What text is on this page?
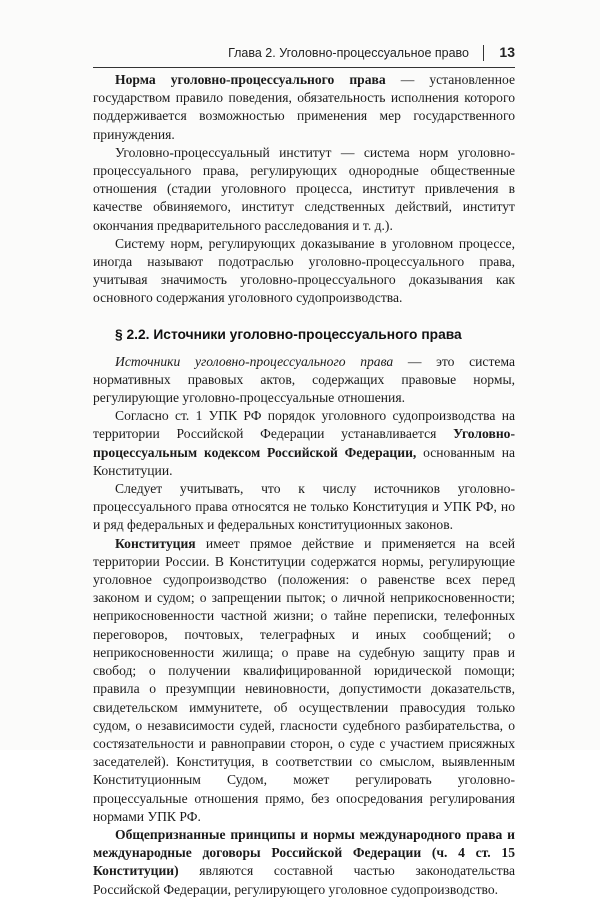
Глава 2. Уголовно-процессуальное право 13

Норма уголовно-процессуального права — установленное государством правило поведения, обязательность исполнения которого поддерживается возможностью применения мер государственного принуждения.

Уголовно-процессуальный институт — система норм уголовно-процессуального права, регулирующих однородные общественные отношения (стадии уголовного процесса, институт привлечения в качестве обвиняемого, институт следственных действий, институт окончания предварительного расследования и т. д.).

Систему норм, регулирующих доказывание в уголовном процессе, иногда называют подотраслью уголовно-процессуального права, учитывая значимость уголовно-процессуального доказывания как основного содержания уголовного судопроизводства.

§ 2.2. Источники уголовно-процессуального права

Источники уголовно-процессуального права — это система нормативных правовых актов, содержащих правовые нормы, регулирующие уголовно-процессуальные отношения.

Согласно ст. 1 УПК РФ порядок уголовного судопроизводства на территории Российской Федерации устанавливается Уголовно-процессуальным кодексом Российской Федерации, основанным на Конституции.

Следует учитывать, что к числу источников уголовно-процессуального права относятся не только Конституция и УПК РФ, но и ряд федеральных и федеральных конституционных законов.

Конституция имеет прямое действие и применяется на всей территории России. В Конституции содержатся нормы, регулирующие уголовное судопроизводство (положения: о равенстве всех перед законом и судом; о запрещении пыток; о личной неприкосновенности; неприкосновенности частной жизни; о тайне переписки, телефонных переговоров, почтовых, телеграфных и иных сообщений; о неприкосновенности жилища; о праве на судебную защиту прав и свобод; о получении квалифицированной юридической помощи; правила о презумпции невиновности, допустимости доказательств, свидетельском иммунитете, об осуществлении правосудия только судом, о независимости судей, гласности судебного разбирательства, о состязательности и равноправии сторон, о суде с участием присяжных заседателей). Конституция, в соответствии со смыслом, выявленным Конституционным Судом, может регулировать уголовно-процессуальные отношения прямо, без опосредования регулирования нормами УПК РФ.

Общепризнанные принципы и нормы международного права и международные договоры Российской Федерации (ч. 4 ст. 15 Конституции) являются составной частью законодательства Российской Федерации, регулирующего уголовное судопроизводство.
